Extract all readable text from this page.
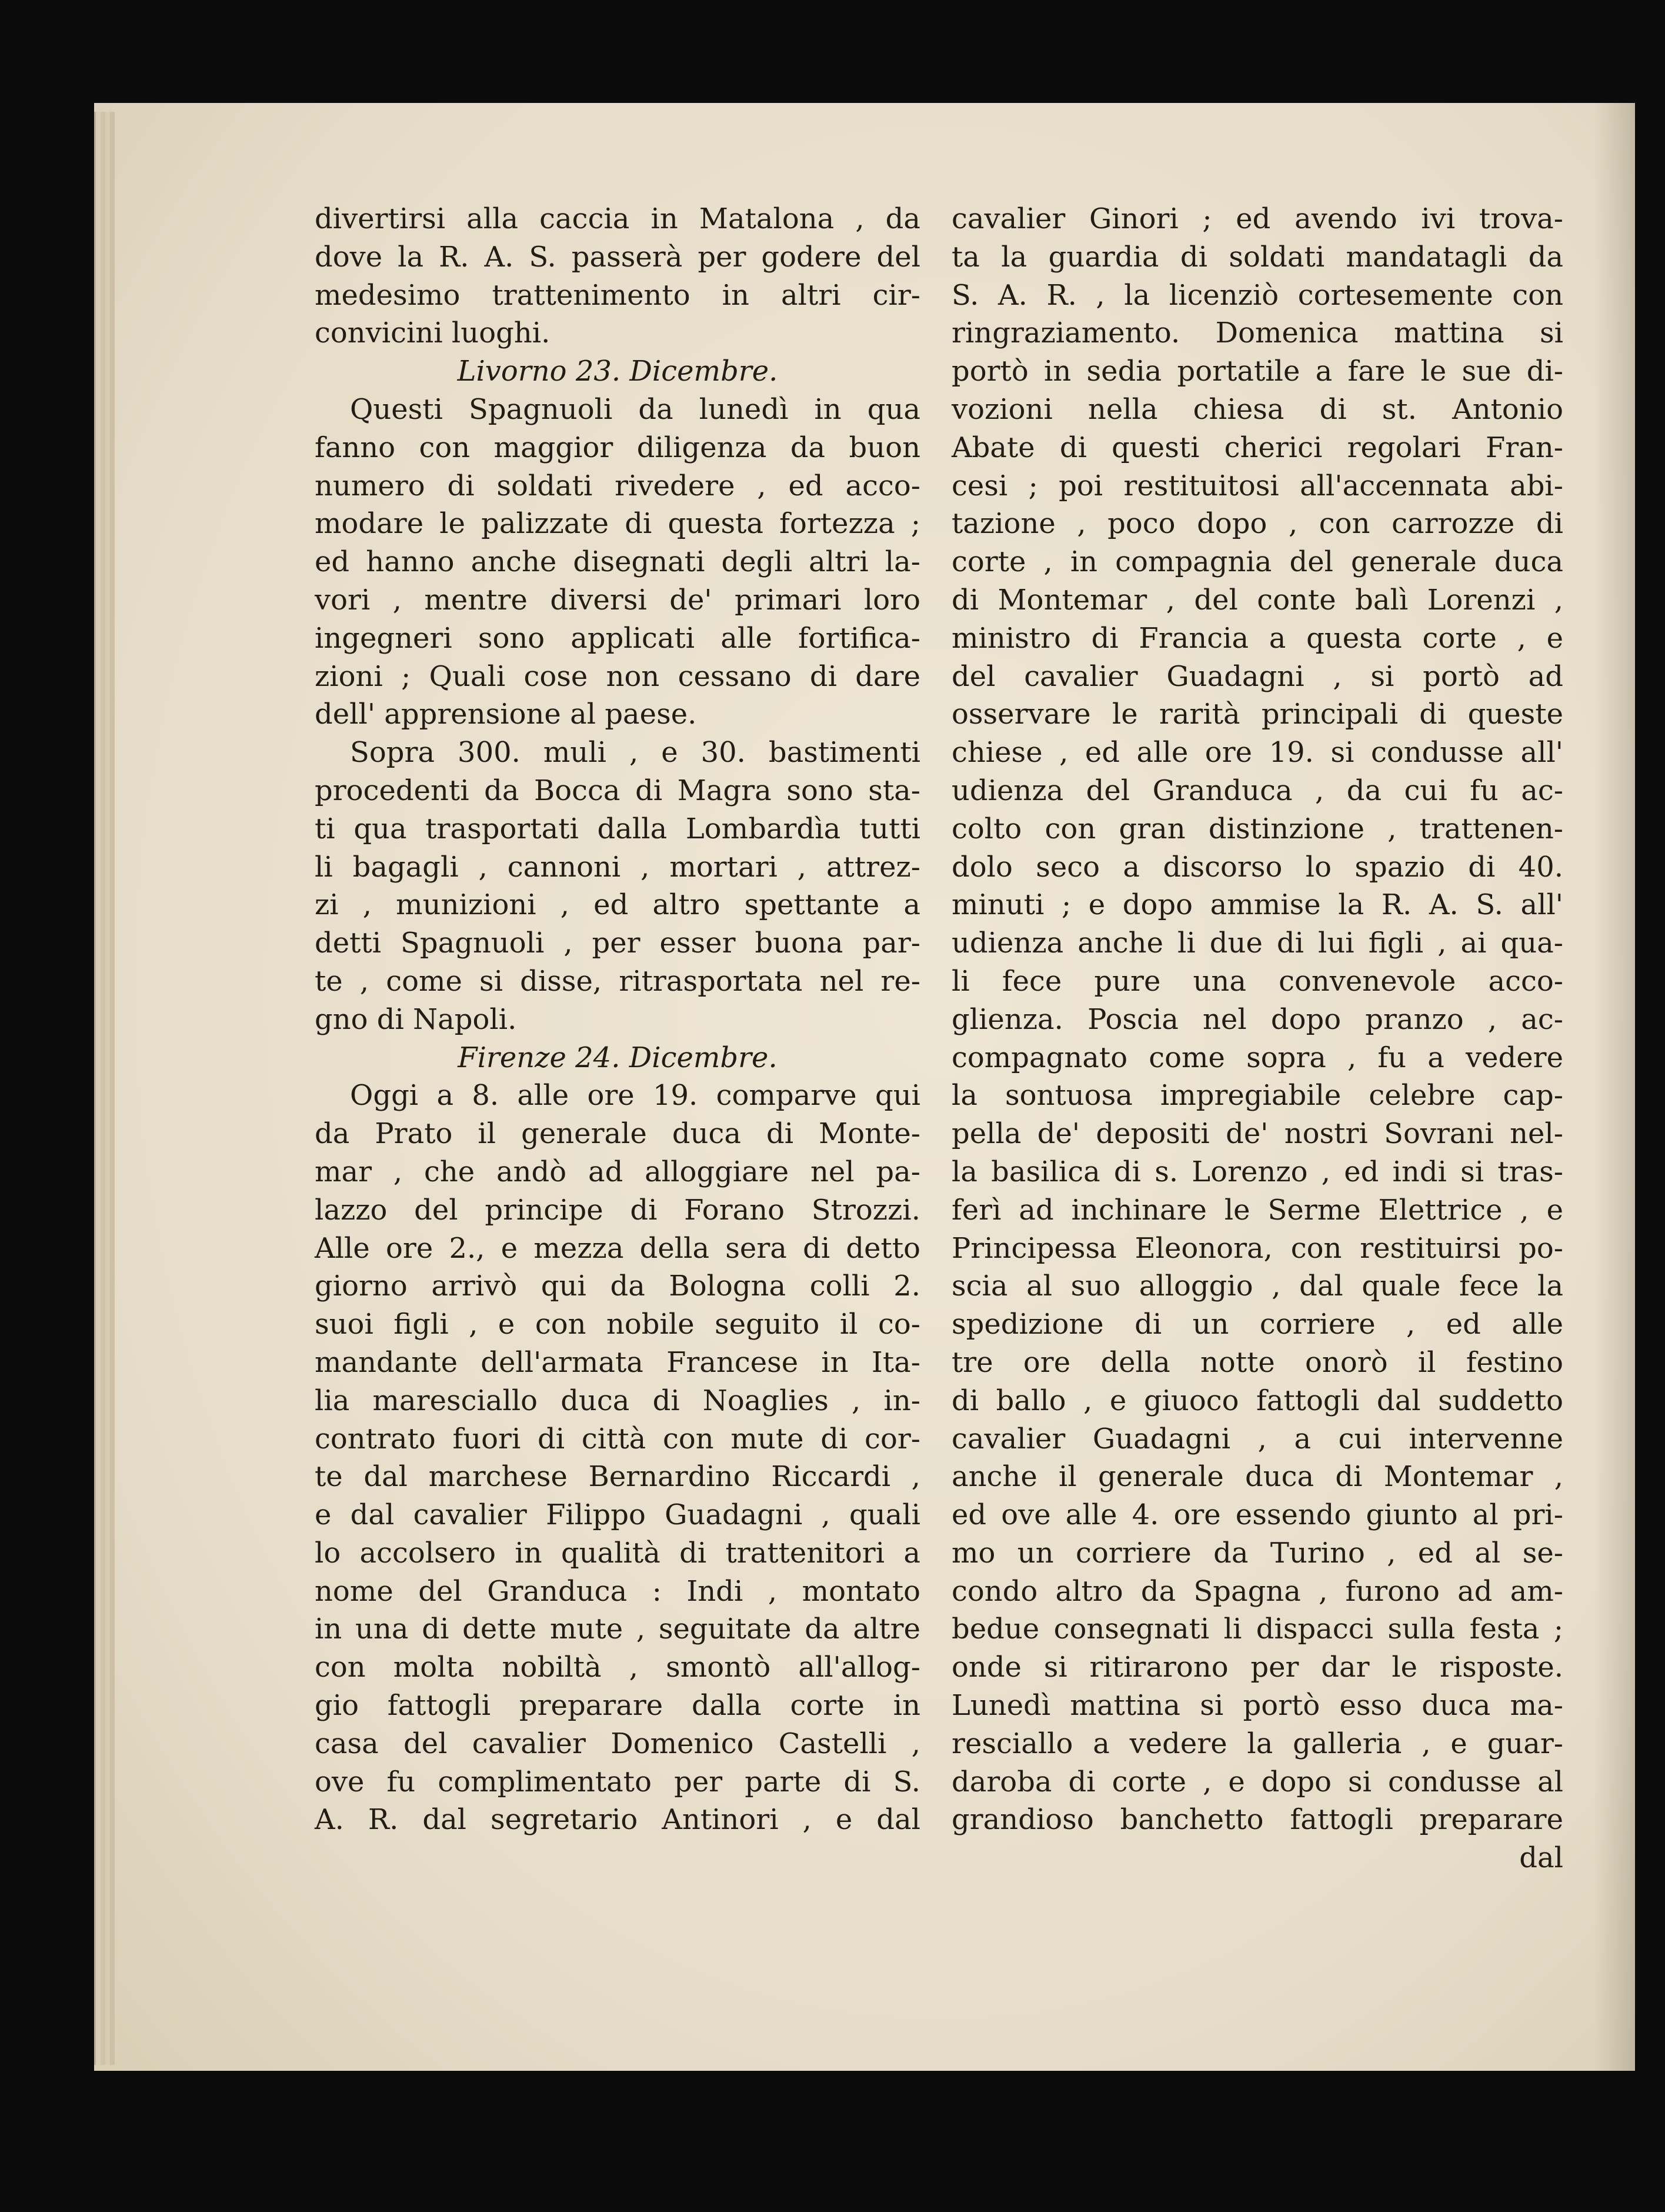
divertirsi alla caccia in Matalona , da
dove la R. A. S. passerà per godere del
medesimo trattenimento in altri cir-
convicini luoghi.
Livorno 23. Dicembre.
Questi Spagnuoli da lunedì in qua
fanno con maggior diligenza da buon
numero di soldati rivedere , ed acco-
modare le palizzate di questa fortezza ;
ed hanno anche disegnati degli altri la-
vori , mentre diversi de' primari loro
ingegneri sono applicati alle fortifica-
zioni ; Quali cose non cessano di dare
dell' apprensione al paese.
Sopra 300. muli , e 30. bastimenti
procedenti da Bocca di Magra sono sta-
ti qua trasportati dalla Lombardìa tutti
li bagagli , cannoni , mortari , attrez-
zi , munizioni , ed altro spettante a
detti Spagnuoli , per esser buona par-
te , come si disse, ritrasportata nel re-
gno di Napoli.
Firenze 24. Dicembre.
Oggi a 8. alle ore 19. comparve qui
da Prato il generale duca di Monte-
mar , che andò ad alloggiare nel pa-
lazzo del principe di Forano Strozzi.
Alle ore 2., e mezza della sera di detto
giorno arrivò qui da Bologna colli 2.
suoi figli , e con nobile seguito il co-
mandante dell'armata Francese in Ita-
lia maresciallo duca di Noaglies , in-
contrato fuori di città con mute di cor-
te dal marchese Bernardino Riccardi ,
e dal cavalier Filippo Guadagni , quali
lo accolsero in qualità di trattenitori a
nome del Granduca : Indi , montato
in una di dette mute , seguitate da altre
con molta nobiltà , smontò all'allog-
gio fattogli preparare dalla corte in
casa del cavalier Domenico Castelli ,
ove fu complimentato per parte di S.
A. R. dal segretario Antinori , e dal
cavalier Ginori ; ed avendo ivi trova-
ta la guardia di soldati mandatagli da
S. A. R. , la licenziò cortesemente con
ringraziamento. Domenica mattina si
portò in sedia portatile a fare le sue di-
vozioni nella chiesa di st. Antonio
Abate di questi cherici regolari Fran-
cesi ; poi restituitosi all'accennata abi-
tazione , poco dopo , con carrozze di
corte , in compagnia del generale duca
di Montemar , del conte balì Lorenzi ,
ministro di Francia a questa corte , e
del cavalier Guadagni , si portò ad
osservare le rarità principali di queste
chiese , ed alle ore 19. si condusse all'
udienza del Granduca , da cui fu ac-
colto con gran distinzione , trattenen-
dolo seco a discorso lo spazio di 40.
minuti ; e dopo ammise la R. A. S. all'
udienza anche li due di lui figli , ai qua-
li fece pure una convenevole acco-
glienza. Poscia nel dopo pranzo , ac-
compagnato come sopra , fu a vedere
la sontuosa impregiabile celebre cap-
pella de' depositi de' nostri Sovrani nel-
la basilica di s. Lorenzo , ed indi si tras-
ferì ad inchinare le Serme Elettrice , e
Principessa Eleonora, con restituirsi po-
scia al suo alloggio , dal quale fece la
spedizione di un corriere , ed alle
tre ore della notte onorò il festino
di ballo , e giuoco fattogli dal suddetto
cavalier Guadagni , a cui intervenne
anche il generale duca di Montemar ,
ed ove alle 4. ore essendo giunto al pri-
mo un corriere da Turino , ed al se-
condo altro da Spagna , furono ad am-
bedue consegnati li dispacci sulla festa ;
onde si ritirarono per dar le risposte.
Lunedì mattina si portò esso duca ma-
resciallo a vedere la galleria , e guar-
daroba di corte , e dopo si condusse al
grandioso banchetto fattogli preparare
dal
